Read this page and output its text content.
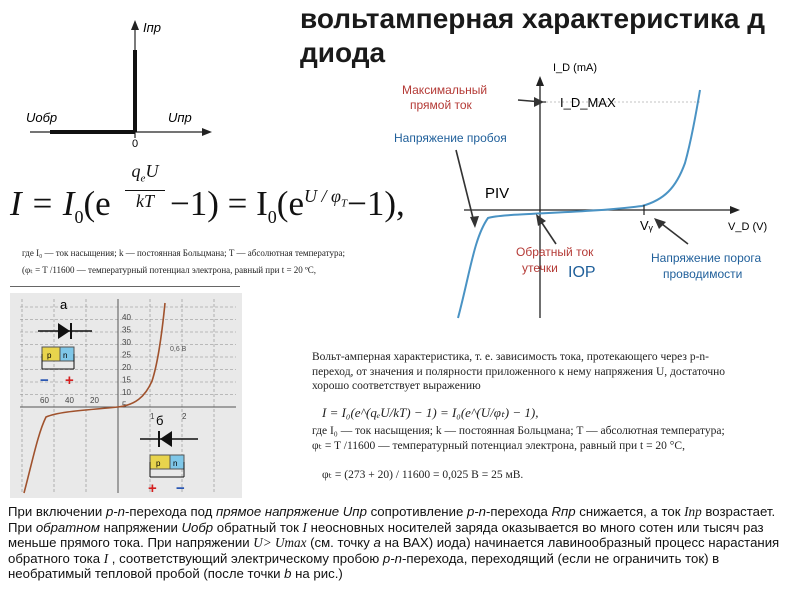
вольтамперная характеристика д
диода
Iпр
Uобр	Uпр
0
$I = I_0(e$
$q_eU$
kT $-1) = I_0(e^{U / \varphi_T}-1)$,
где I₀ — ток насыщения; k — постоянная Больцмана; T — абсолютная температура;
(φₜ = T /11600 — температурный потенциал электрона, равный при t = 20 ºС,
I_D (mA)
V_D (V)
I_D_MAX
PIV
Vᵧ
Максимальный
прямой ток
Напряжение пробоя
Обратный ток
утечки IOP
Напряжение порога
проводимости
40
35
30
25
20
15
10
5
1	2
60 40 20
0,6 B
а
p n
− +
б
p n
+ −
Вольт-амперная характеристика, т. е. зависимость тока, протекающего через p-n-
переход, от значения и полярности приложенного к нему напряжения U, достаточно
хорошо соответствует выражению
I = I₀(e^(qₑU/kT) − 1) = I₀(e^(U/φₜ) − 1),
где I₀ — ток насыщения; k — постоянная Больцмана; T — абсолютная температура;
φₜ = T /11600 — температурный потенциал электрона, равный при t = 20 °С,
φₜ = (273 + 20) / 11600 = 0,025 В = 25 мВ.
При включении p-n-перехода под прямое напряжение Uпр сопротивление p-n-перехода Rпр снижается, а ток Iпр возрастает. При обратном напряжении Uобр обратный ток I неосновных носителей заряда оказывается во много сотен или тысяч раз меньше прямого тока. При напряжении U> Umax (см. точку а на ВАХ) иода) начинается лавинообразный процесс нарастания обратного тока I , соответствующий электрическому пробою p-n-перехода, переходящий (если не ограничить ток) в необратимый тепловой пробой (после точки b на рис.)
